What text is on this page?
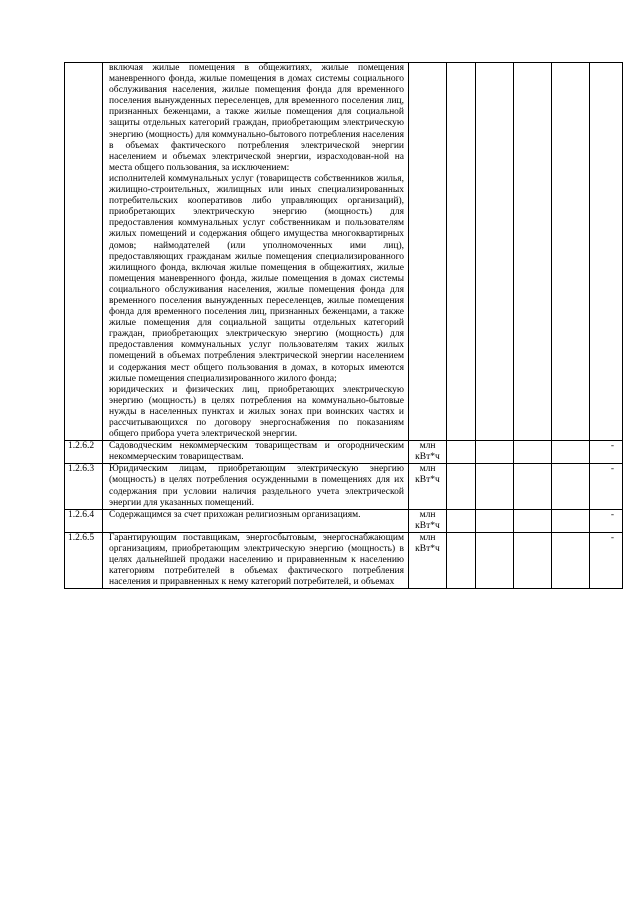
	включая жилые помещения в общежитиях, жилые помещения маневренного фонда, жилые помещения в домах системы социального обслуживания населения, жилые помещения фонда для временного поселения вынужденных переселенцев, для временного поселения лиц, признанных беженцами, а также жилые помещения для социальной защиты отдельных категорий граждан, приобретающим электрическую энергию (мощность) для коммунально-бытового потребления населения в объемах фактического потребления электрической энергии населением и объемах электрической энергии, израсходован-ной на места общего пользования, за исключением:

исполнителей коммунальных услуг (товариществ собственников жилья, жилищно-строительных, жилищных или иных специализированных потребительских кооперативов либо управляющих организаций), приобретающих электрическую энергию (мощность) для предоставления коммунальных услуг собственникам и пользователям жилых помещений и содержания общего имущества многоквартирных домов; наймодателей (или уполномоченных ими лиц), предоставляющих гражданам жилые помещения специализированного жилищного фонда, включая жилые помещения в общежитиях, жилые помещения маневренного фонда, жилые помещения в домах системы социального обслуживания населения, жилые помещения фонда для временного поселения вынужденных переселенцев, жилые помещения фонда для временного поселения лиц, признанных беженцами, а также жилые помещения для социальной защиты отдельных категорий граждан, приобретающих электрическую энергию (мощность) для предоставления коммунальных услуг пользователям таких жилых помещений в объемах потребления электрической энергии населением и содержания мест общего пользования в домах, в которых имеются жилые помещения специализированного жилого фонда;

юридических и физических лиц, приобретающих электрическую энергию (мощность) в целях потребления на коммунально-бытовые нужды в населенных пунктах и жилых зонах при воинских частях и рассчитывающихся по договору энергоснабжения по показаниям общего прибора учета электрической энергии.						

1.2.6.2	Садоводческим некоммерческим товариществам и огородническим некоммерческим товариществам.	млн кВт*ч					-
1.2.6.3	Юридическим лицам, приобретающим электрическую энергию (мощность) в целях потребления осужденными в помещениях для их содержания при условии наличия раздельного учета электрической энергии для указанных помещений.	млн кВт*ч					-
1.2.6.4	Содержащимся за счет прихожан религиозным организациям.	млн кВт*ч					-
1.2.6.5	Гарантирующим поставщикам, энергосбытовым, энергоснабжающим организациям, приобретающим электрическую энергию (мощность) в целях дальнейшей продажи населению и приравненным к населению категориям потребителей в объемах фактического потребления населения и приравненных к нему категорий потребителей, и объемах	млн кВт*ч					-
